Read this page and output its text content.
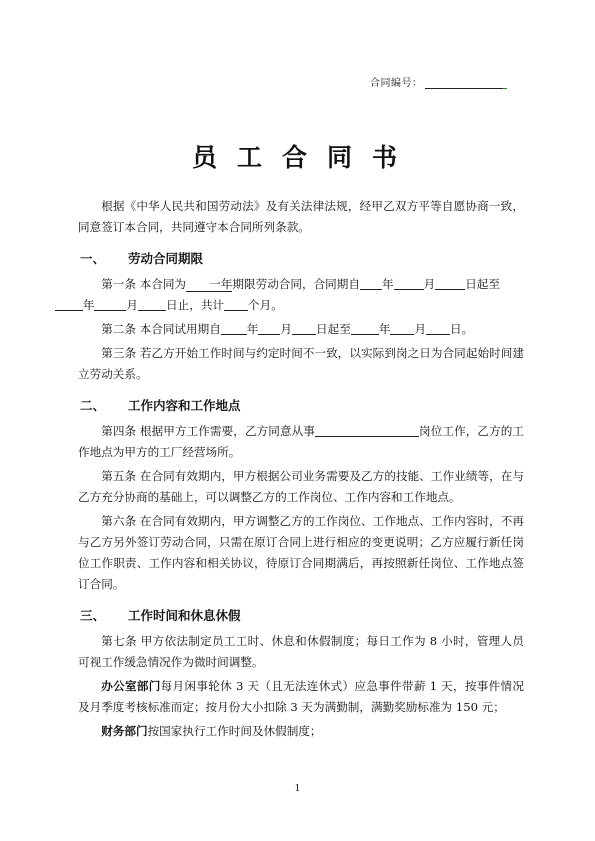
合同编号：
员工合同书

根据《中华人民共和国劳动法》及有关法律法规，经甲乙双方平等自愿协商一致，同意签订本合同，共同遵守本合同所列条款。

一、 劳动合同期限

第一条 本合同为 一年期限劳动合同，合同期自 年	月	日起至
年	月 日止，共计 个月。

第二条 本合同试用期自 年 月 日起至 年 月 日。

第三条 若乙方开始工作时间与约定时间不一致，以实际到岗之日为合同起始时间建立劳动关系。

二、 工作内容和工作地点

第四条 根据甲方工作需要，乙方同意从事	岗位工作，乙方的工作地点为甲方的工厂经营场所。

第五条 在合同有效期内，甲方根据公司业务需要及乙方的技能、工作业绩等，在与乙方充分协商的基础上，可以调整乙方的工作岗位、工作内容和工作地点。

第六条 在合同有效期内，甲方调整乙方的工作岗位、工作地点、工作内容时，不再与乙方另外签订劳动合同，只需在原订合同上进行相应的变更说明；乙方应履行新任岗位工作职责、工作内容和相关协议，待原订合同期满后，再按照新任岗位、工作地点签订合同。

三、 工作时间和休息休假

第七条 甲方依法制定员工工时、休息和休假制度；每日工作为 8 小时，管理人员可视工作缓急情况作为微时间调整。

办公室部门每月闲事轮休 3 天（且无法连休式）应急事件带薪 1 天，按事件情况及月季度考核标准而定；按月份大小扣除 3 天为满勤制，满勤奖励标准为 150 元；

财务部门按国家执行工作时间及休假制度；

1
